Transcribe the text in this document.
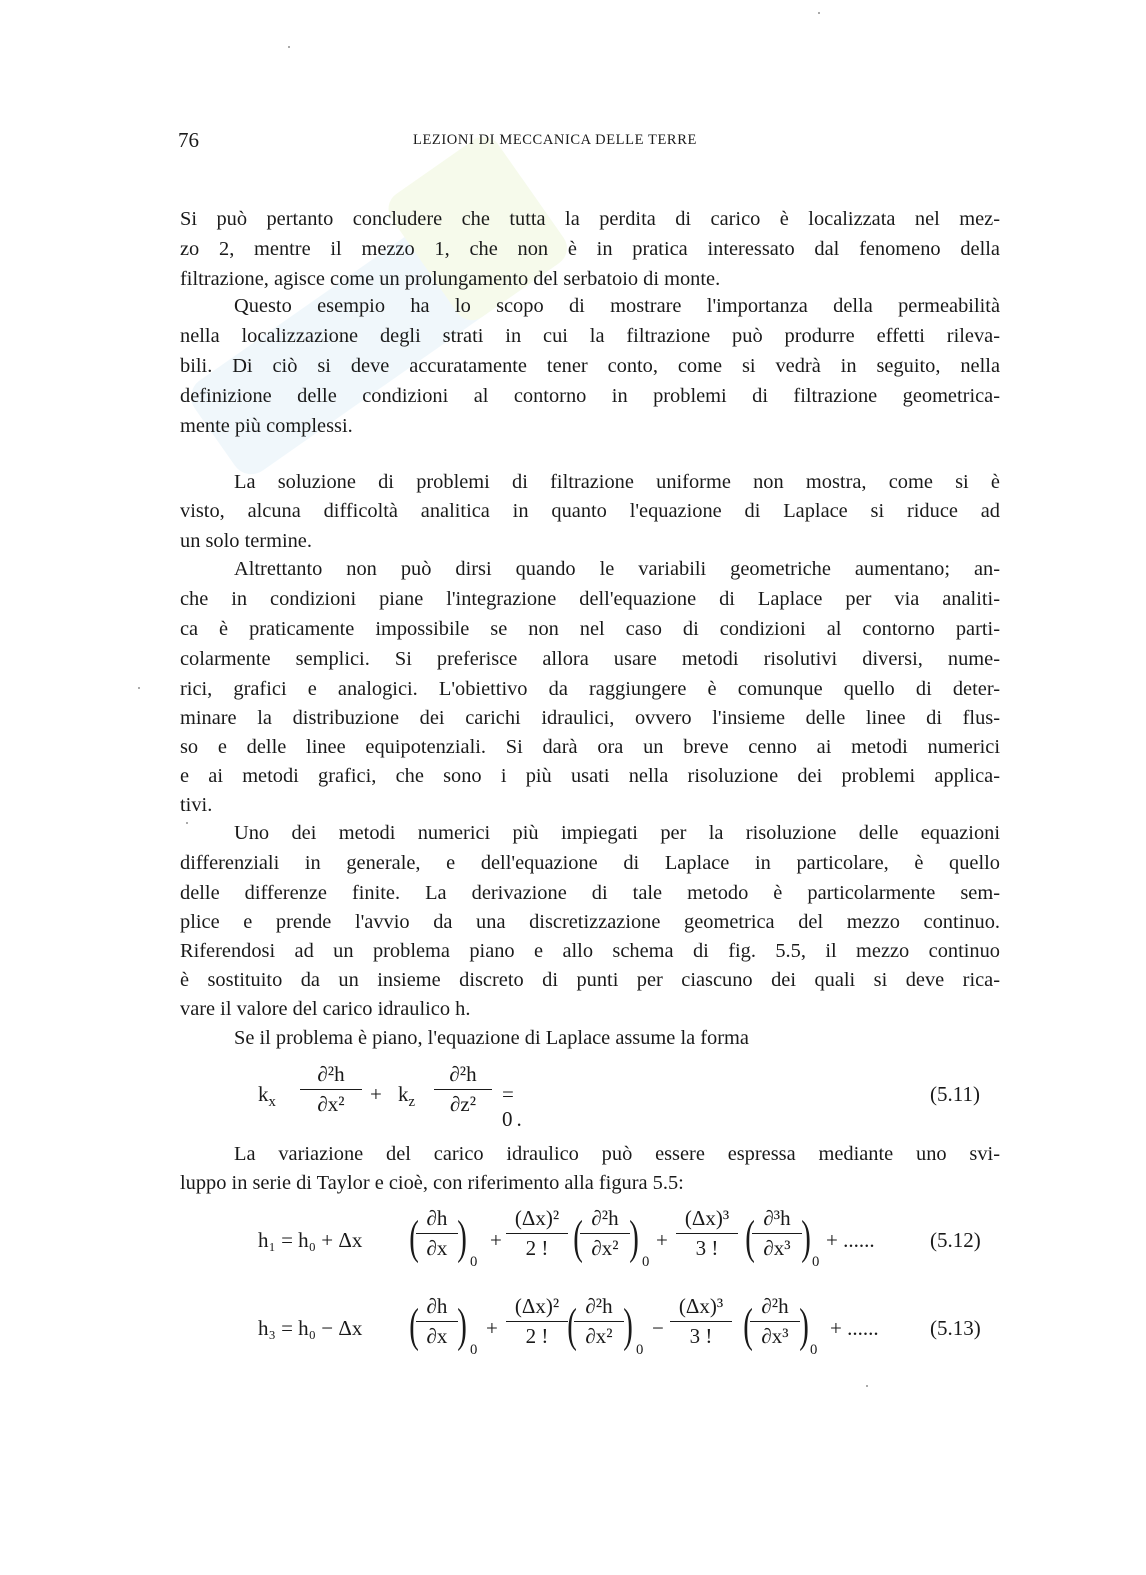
76	LEZIONI DI MECCANICA DELLE TERRE

Si può pertanto concludere che tutta la perdita di carico è localizzata nel mez-

zo 2, mentre il mezzo 1, che non è in pratica interessato dal fenomeno della

filtrazione, agisce come un prolungamento del serbatoio di monte.

Questo esempio ha lo scopo di mostrare l'importanza della permeabilità

nella localizzazione degli strati in cui la filtrazione può produrre effetti rileva-

bili. Di ciò si deve accuratamente tener conto, come si vedrà in seguito, nella

definizione delle condizioni al contorno in problemi di filtrazione geometrica-

mente più complessi.

La soluzione di problemi di filtrazione uniforme non mostra, come si è

visto, alcuna difficoltà analitica in quanto l'equazione di Laplace si riduce ad

un solo termine.

Altrettanto non può dirsi quando le variabili geometriche aumentano; an-

che in condizioni piane l'integrazione dell'equazione di Laplace per via analiti-

ca è praticamente impossibile se non nel caso di condizioni al contorno parti-

colarmente semplici. Si preferisce allora usare metodi risolutivi diversi, nume-

rici, grafici e analogici. L'obiettivo da raggiungere è comunque quello di deter-

minare la distribuzione dei carichi idraulici, ovvero l'insieme delle linee di flus-

so e delle linee equipotenziali. Si darà ora un breve cenno ai metodi numerici

e ai metodi grafici, che sono i più usati nella risoluzione dei problemi applica-

tivi.

Uno dei metodi numerici più impiegati per la risoluzione delle equazioni

differenziali in generale, e dell'equazione di Laplace in particolare, è quello

delle differenze finite. La derivazione di tale metodo è particolarmente sem-

plice e prende l'avvio da una discretizzazione geometrica del mezzo continuo.

Riferendosi ad un problema piano e allo schema di fig. 5.5, il mezzo continuo

è sostituito da un insieme discreto di punti per ciascuno dei quali si deve rica-

vare il valore del carico idraulico h.

Se il problema è piano, l'equazione di Laplace assume la forma

$k_x \frac{\text{∂²h}}{\text{∂x²}} + k_z \frac{\text{∂²h}}{\text{∂z²}} = 0$.
(5.11)

La variazione del carico idraulico può essere espressa mediante uno svi-

luppo in serie di Taylor e cioè, con riferimento alla figura 5.5:

h₁ = h₀ + Δx (
$\frac{\partial h}{\partial x}$ ) 0
+ $\frac{\text{(Δx)²}}{2 !}$ (
$\frac{\text{∂²h}}{\text{∂x²}}$ ) 0
+ $\frac{\text{(Δx)³}}{3 !}$ (
$\frac{\text{∂³h}}{\text{∂x³}}$ ) 0
+ ......	(5.12)
h₃ = h₀ − Δx (
$\frac{\partial h}{\partial x}$ ) 0
+ $\frac{\text{(Δx)²}}{2 !}$ (
$\frac{\text{∂²h}}{\text{∂x²}}$ ) 0
− $\frac{\text{(Δx)³}}{3 !}$ (
$\frac{\text{∂²h}}{\text{∂x³}}$ ) 0
+ ...... (5.13)
